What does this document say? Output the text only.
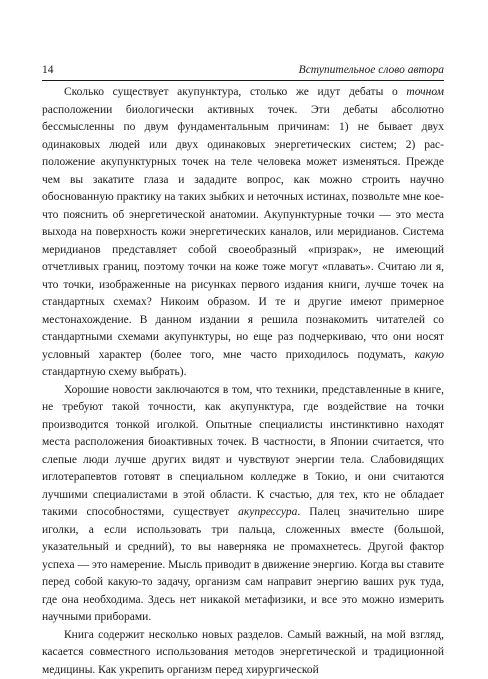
14	Вступительное слово автора

Сколько существует акупунктура, столько же идут дебаты о точном расположении биологически активных точек. Эти дебаты абсолютно бессмысленны по двум фундаментальным причинам: 1) не бывает двух одинаковых людей или двух одинаковых энергетических систем; 2) расположение акупунктурных точек на теле человека может изменяться. Прежде чем вы закатите глаза и зададите вопрос, как можно строить научно обоснованную практику на таких зыбких и неточных истинах, позвольте мне кое-что пояснить об энергетической анатомии. Акупунктурные точки — это места выхода на поверхность кожи энергетических каналов, или меридианов. Система меридианов представляет собой своеобразный «призрак», не имеющий отчетливых границ, поэтому точки на коже тоже могут «плавать». Считаю ли я, что точки, изображенные на рисунках первого издания книги, лучше точек на стандартных схемах? Никоим образом. И те и другие имеют примерное местонахождение. В данном издании я решила познакомить читателей со стандартными схемами акупунктуры, но еще раз подчеркиваю, что они носят условный характер (более того, мне часто приходилось подумать, какую стандартную схему выбрать).

Хорошие новости заключаются в том, что техники, представленные в книге, не требуют такой точности, как акупунктура, где воздействие на точки производится тонкой иголкой. Опытные специалисты инстинктивно находят места расположения биоактивных точек. В частности, в Японии считается, что слепые люди лучше других видят и чувствуют энергии тела. Слабовидящих иглотерапевтов готовят в специальном колледже в Токио, и они считаются лучшими специалистами в этой области. К счастью, для тех, кто не обладает такими способностями, существует акупрессура. Палец значительно шире иголки, а если использовать три пальца, сложенных вместе (большой, указательный и средний), то вы наверняка не промахнетесь. Другой фактор успеха — это намерение. Мысль приводит в движение энергию. Когда вы ставите перед собой какую-то задачу, организм сам направит энергию ваших рук туда, где она необходима. Здесь нет никакой метафизики, и все это можно измерить научными приборами.

Книга содержит несколько новых разделов. Самый важный, на мой взгляд, касается совместного использования методов энергетической и традиционной медицины. Как укрепить организм перед хирургической
